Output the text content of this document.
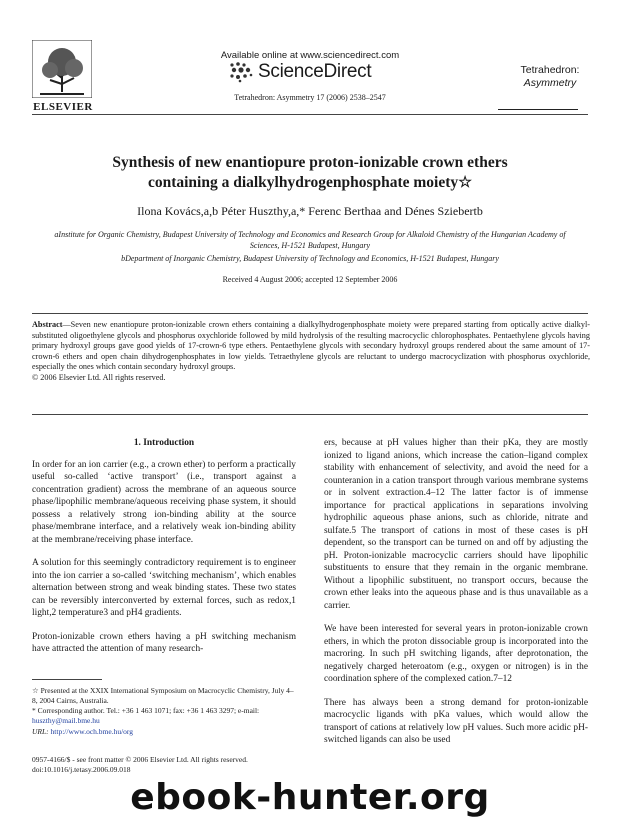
ELSEVIER
Available online at www.sciencedirect.com
ScienceDirect
Tetrahedron: Asymmetry 17 (2006) 2538–2547
Tetrahedron:
Asymmetry
Synthesis of new enantiopure proton-ionizable crown ethers
containing a dialkylhydrogenphosphate moiety☆
Ilona Kovács,a,b Péter Huszthy,a,* Ferenc Berthaa and Dénes Sziebertb
aInstitute for Organic Chemistry, Budapest University of Technology and Economics and Research Group for Alkaloid Chemistry of the Hungarian Academy of Sciences, H-1521 Budapest, Hungary
bDepartment of Inorganic Chemistry, Budapest University of Technology and Economics, H-1521 Budapest, Hungary
Received 4 August 2006; accepted 12 September 2006
Abstract—Seven new enantiopure proton-ionizable crown ethers containing a dialkylhydrogenphosphate moiety were prepared starting from optically active dialkyl-substituted oligoethylene glycols and phosphorus oxychloride followed by mild hydrolysis of the resulting macrocyclic chlorophosphates. Pentaethylene glycols having primary hydroxyl groups gave good yields of 17-crown-6 type ethers. Pentaethylene glycols with secondary hydroxyl groups rendered about the same amount of 17-crown-6 ethers and open chain dihydrogenphosphates in low yields. Tetraethylene glycols are reluctant to undergo macrocyclization with phosphorus oxychloride, especially the ones which contain secondary hydroxyl groups.
© 2006 Elsevier Ltd. All rights reserved.
1. Introduction

In order for an ion carrier (e.g., a crown ether) to perform a practically useful so-called ‘active transport’ (i.e., transport against a concentration gradient) across the membrane of an aqueous source phase/lipophilic membrane/aqueous receiving phase system, it should possess a relatively strong ion-binding ability at the source phase/membrane interface, and a relatively weak ion-binding ability at the membrane/receiving phase interface.

A solution for this seemingly contradictory requirement is to engineer into the ion carrier a so-called ‘switching mechanism’, which enables alternation between strong and weak binding states. These two states can be reversibly interconverted by external forces, such as redox,1 light,2 temperature3 and pH4 gradients.

Proton-ionizable crown ethers having a pH switching mechanism have attracted the attention of many research-

ers, because at pH values higher than their pKa, they are mostly ionized to ligand anions, which increase the cation–ligand complex stability with enhancement of selectivity, and avoid the need for a counteranion in a cation transport through various membrane systems or in solvent extraction.4–12 The latter factor is of immense importance for practical applications in separations involving hydrophilic aqueous phase anions, such as chloride, nitrate and sulfate.5 The transport of cations in most of these cases is pH dependent, so the transport can be turned on and off by adjusting the pH. Proton-ionizable macrocyclic carriers should have lipophilic substituents to ensure that they remain in the organic membrane. Without a lipophilic substituent, no transport occurs, because the crown ether leaks into the aqueous phase and is thus unavailable as a carrier.

We have been interested for several years in proton-ionizable crown ethers, in which the proton dissociable group is incorporated into the macroring. In such pH switching ligands, after deprotonation, the negatively charged heteroatom (e.g., oxygen or nitrogen) is in the coordination sphere of the complexed cation.7–12

There has always been a strong demand for proton-ionizable macrocyclic ligands with pKa values, which would allow the transport of cations at relatively low pH values. Such more acidic pH-switched ligands can also be used

☆ Presented at the XXIX International Symposium on Macrocyclic Chemistry, July 4–8, 2004 Cairns, Australia.
* Corresponding author. Tel.: +36 1 463 1071; fax: +36 1 463 3297; e-mail: huszthy@mail.bme.hu
URL: http://www.och.bme.hu/org
0957-4166/$ - see front matter © 2006 Elsevier Ltd. All rights reserved.
doi:10.1016/j.tetasy.2006.09.018
ebook-hunter.org
